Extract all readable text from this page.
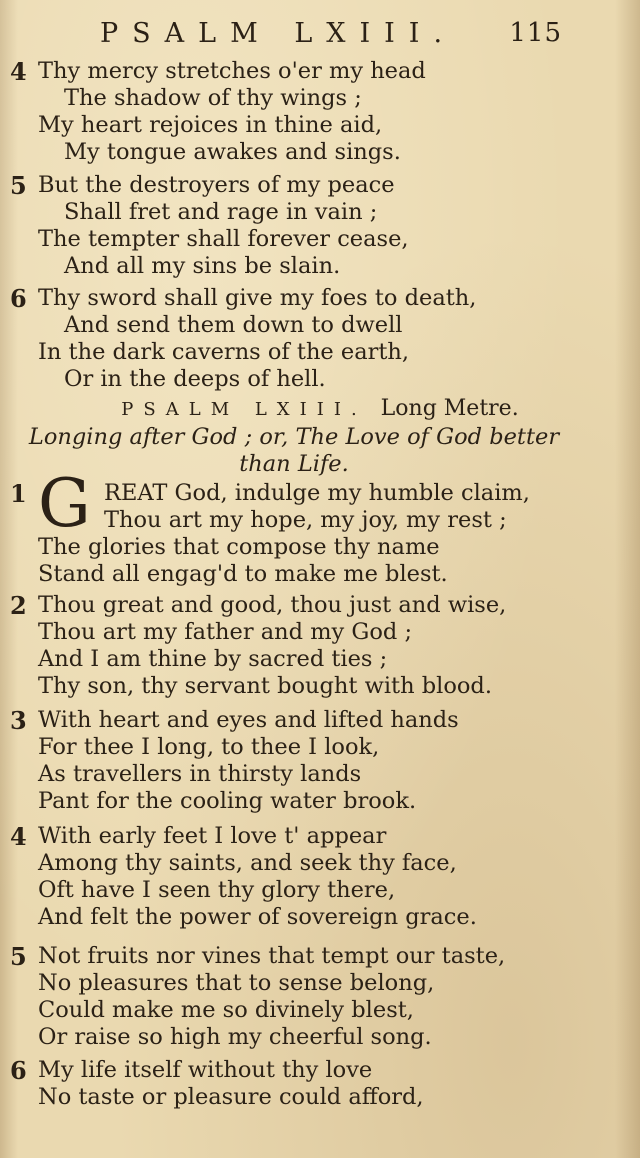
PSALM LXIII. 115
4 Thy mercy stretches o'er my head
The shadow of thy wings ;
My heart rejoices in thine aid,
My tongue awakes and sings.
5 But the destroyers of my peace
Shall fret and rage in vain ;
The tempter shall forever cease,
And all my sins be slain.
6 Thy sword shall give my foes to death,
And send them down to dwell
In the dark caverns of the earth,
Or in the deeps of hell.
PSALM LXIII. Long Metre.
Longing after God ; or, The Love of God better
than Life.
1 G REAT God, indulge my humble claim,
Thou art my hope, my joy, my rest ;
The glories that compose thy name
Stand all engag'd to make me blest.
2 Thou great and good, thou just and wise,
Thou art my father and my God ;
And I am thine by sacred ties ;
Thy son, thy servant bought with blood.
3 With heart and eyes and lifted hands
For thee I long, to thee I look,
As travellers in thirsty lands
Pant for the cooling water brook.
4 With early feet I love t' appear
Among thy saints, and seek thy face,
Oft have I seen thy glory there,
And felt the power of sovereign grace.
5 Not fruits nor vines that tempt our taste,
No pleasures that to sense belong,
Could make me so divinely blest,
Or raise so high my cheerful song.
6 My life itself without thy love
No taste or pleasure could afford,
